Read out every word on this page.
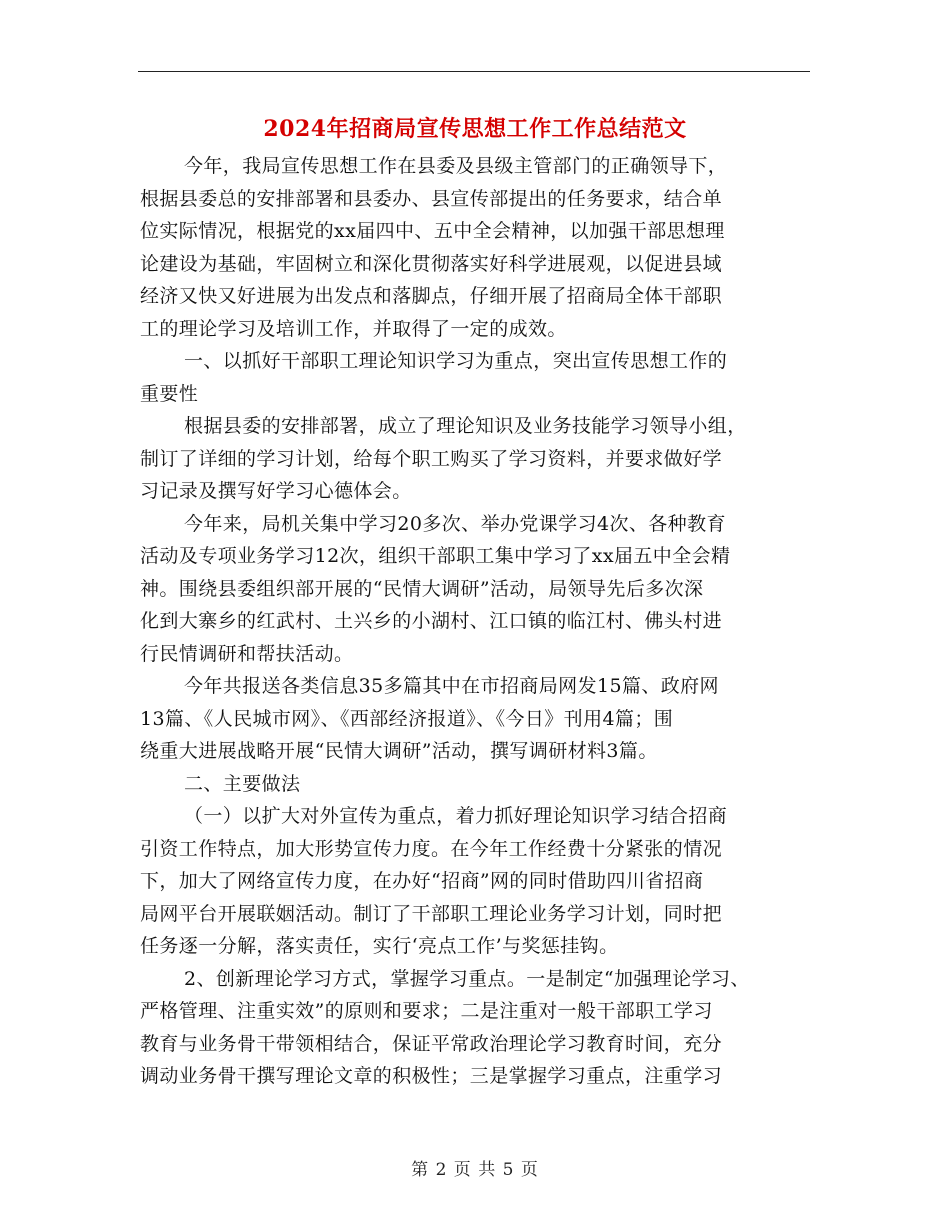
2024年招商局宣传思想工作工作总结范文
今年，我局宣传思想工作在县委及县级主管部门的正确领导下，
根据县委总的安排部署和县委办、县宣传部提出的任务要求，结合单
位实际情况，根据党的xx届四中、五中全会精神，以加强干部思想理
论建设为基础，牢固树立和深化贯彻落实好科学进展观，以促进县域
经济又快又好进展为出发点和落脚点，仔细开展了招商局全体干部职
工的理论学习及培训工作，并取得了一定的成效。
一、以抓好干部职工理论知识学习为重点，突出宣传思想工作的
重要性
根据县委的安排部署，成立了理论知识及业务技能学习领导小组，
制订了详细的学习计划，给每个职工购买了学习资料，并要求做好学
习记录及撰写好学习心德体会。
今年来，局机关集中学习20多次、举办党课学习4次、各种教育
活动及专项业务学习12次，组织干部职工集中学习了xx届五中全会精
神。围绕县委组织部开展的“民情大调研”活动，局领导先后多次深
化到大寨乡的红武村、土兴乡的小湖村、江口镇的临江村、佛头村进
行民情调研和帮扶活动。
今年共报送各类信息35多篇其中在市招商局网发15篇、政府网
13篇、《人民城市网》、《西部经济报道》、《今日》刊用4篇；围
绕重大进展战略开展“民情大调研”活动，撰写调研材料3篇。
二、主要做法
（一）以扩大对外宣传为重点，着力抓好理论知识学习结合招商
引资工作特点，加大形势宣传力度。在今年工作经费十分紧张的情况
下，加大了网络宣传力度，在办好“招商”网的同时借助四川省招商
局网平台开展联姻活动。制订了干部职工理论业务学习计划，同时把
任务逐一分解，落实责任，实行‘亮点工作’与奖惩挂钩。
2、创新理论学习方式，掌握学习重点。一是制定“加强理论学习、
严格管理、注重实效”的原则和要求；二是注重对一般干部职工学习
教育与业务骨干带领相结合，保证平常政治理论学习教育时间，充分
调动业务骨干撰写理论文章的积极性；三是掌握学习重点，注重学习
第 2 页 共 5 页
